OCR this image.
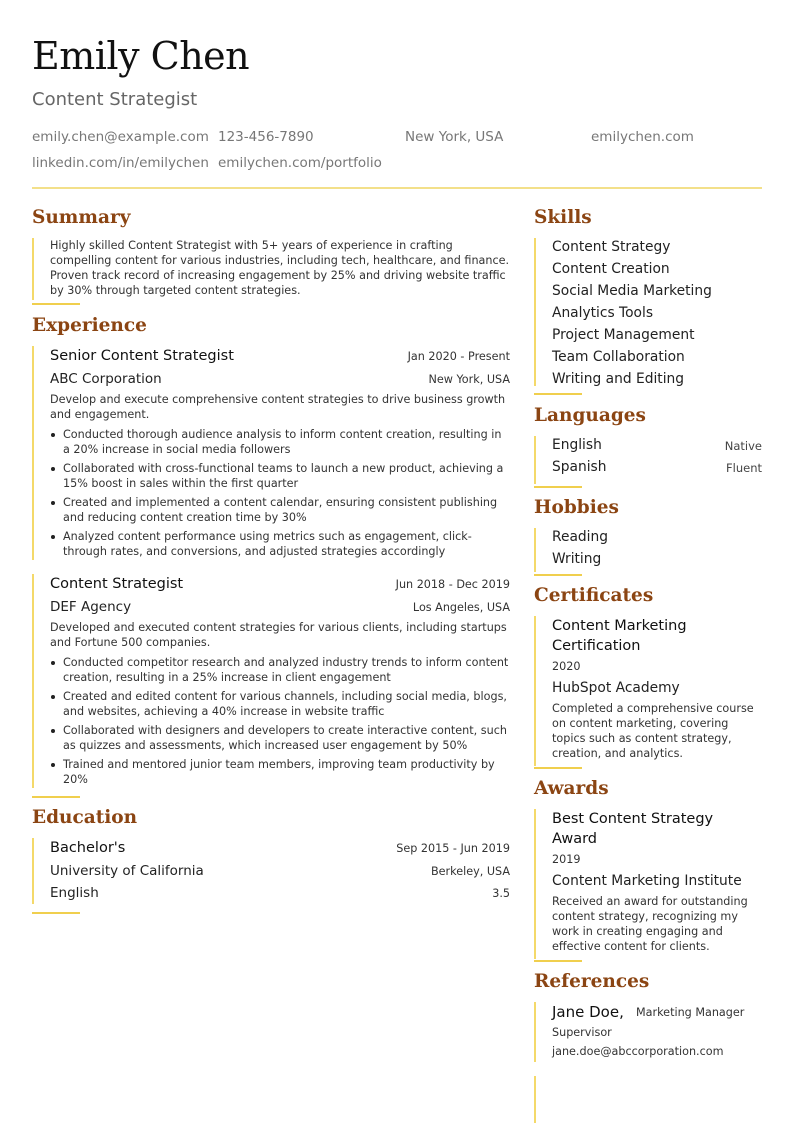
Emily Chen
Content Strategist
emily.chen@example.com 123-456-7890	New York, USA	emilychen.com
linkedin.com/in/emilychen emilychen.com/portfolio
Summary
Highly skilled Content Strategist with 5+ years of experience in crafting compelling content for various industries, including tech, healthcare, and finance. Proven track record of increasing engagement by 25% and driving website traffic by 30% through targeted content strategies.
Experience
Senior Content Strategist	Jan 2020 - Present
ABC Corporation	New York, USA
Develop and execute comprehensive content strategies to drive business growth and engagement.
Conducted thorough audience analysis to inform content creation, resulting in a 20% increase in social media followers
Collaborated with cross-functional teams to launch a new product, achieving a 15% boost in sales within the first quarter
Created and implemented a content calendar, ensuring consistent publishing and reducing content creation time by 30%
Analyzed content performance using metrics such as engagement, click-through rates, and conversions, and adjusted strategies accordingly
Content Strategist	Jun 2018 - Dec 2019
DEF Agency	Los Angeles, USA
Developed and executed content strategies for various clients, including startups and Fortune 500 companies.
Conducted competitor research and analyzed industry trends to inform content creation, resulting in a 25% increase in client engagement
Created and edited content for various channels, including social media, blogs, and websites, achieving a 40% increase in website traffic
Collaborated with designers and developers to create interactive content, such as quizzes and assessments, which increased user engagement by 50%
Trained and mentored junior team members, improving team productivity by 20%
Education
Bachelor's	Sep 2015 - Jun 2019
University of California	Berkeley, USA
English	3.5
Skills
Content Strategy
Content Creation
Social Media Marketing
Analytics Tools
Project Management
Team Collaboration
Writing and Editing
Languages
English	Native
Spanish	Fluent
Hobbies
Reading
Writing
Certificates
Content Marketing Certification
2020
HubSpot Academy
Completed a comprehensive course on content marketing, covering topics such as content strategy, creation, and analytics.
Awards
Best Content Strategy Award
2019
Content Marketing Institute
Received an award for outstanding content strategy, recognizing my work in creating engaging and effective content for clients.
References
Jane Doe, Marketing Manager
Supervisor
jane.doe@abccorporation.com
